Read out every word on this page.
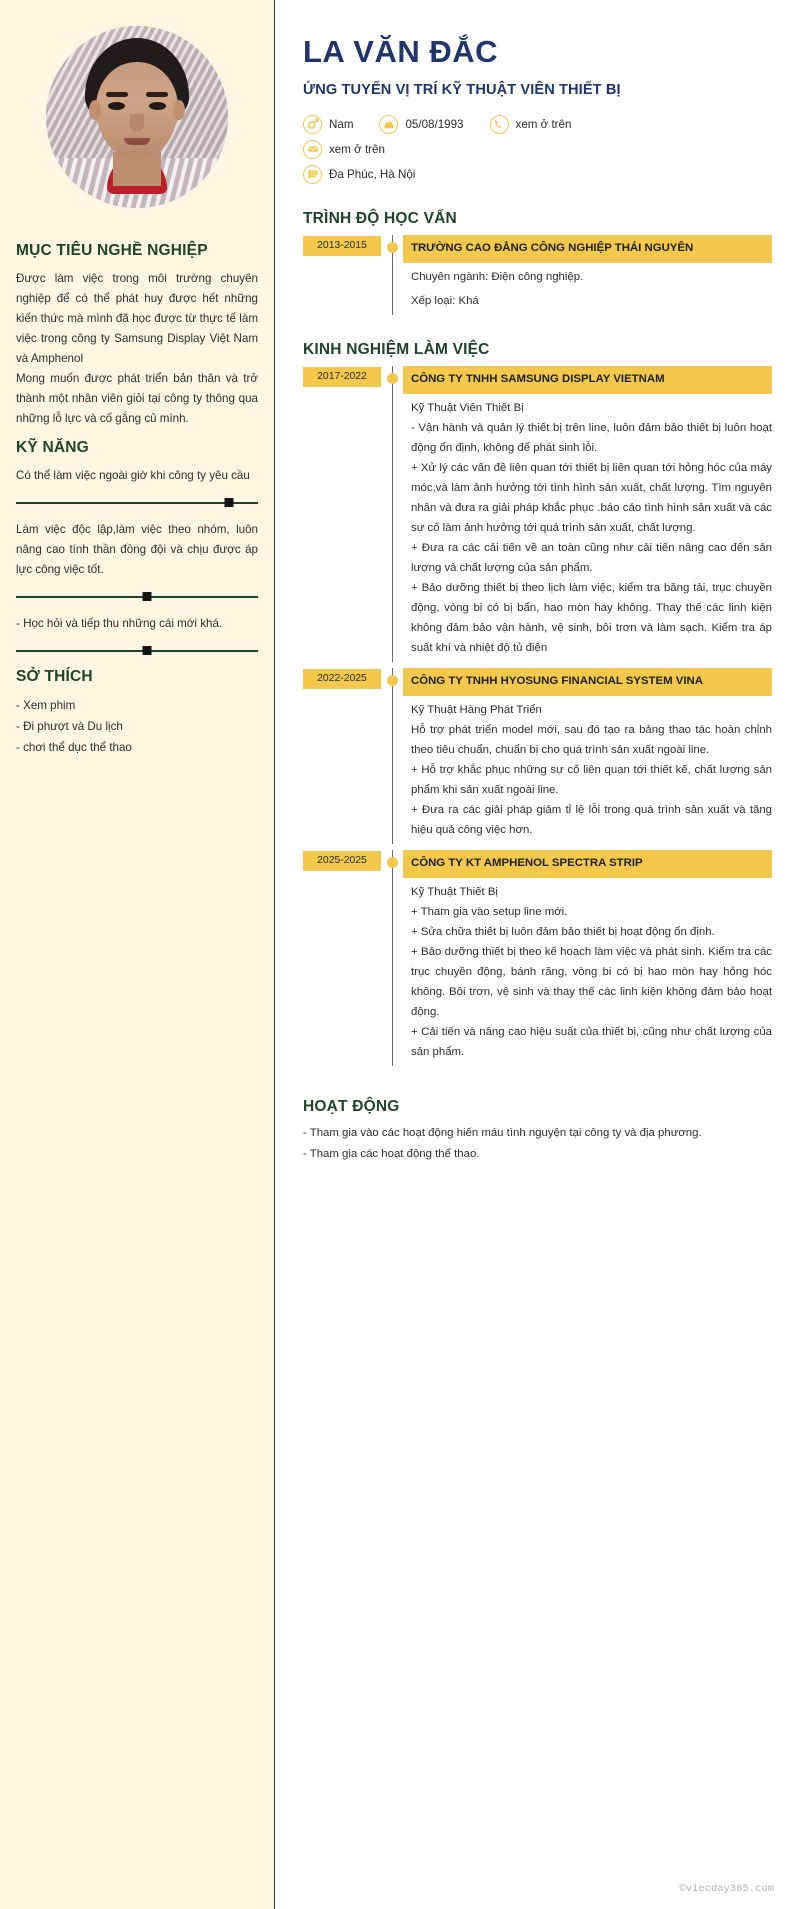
MỤC TIÊU NGHỀ NGHIỆP
Được làm việc trong môi trường chuyên nghiệp để có thể phát huy được hết những kiến thức mà mình đã học được từ thực tế làm việc trong công ty Samsung Display Việt Nam và Amphenol
Mong muốn được phát triển bản thân và trở thành một nhân viên giỏi tại công ty thông qua những lỗ lực và cố gắng củ mình.
KỸ NĂNG
Có thể làm việc ngoài giờ khi công ty yêu cầu
Làm việc độc lập,làm việc theo nhóm, luôn nâng cao tính thần đồng đội và chịu được áp lực công việc tốt.
- Học hỏi và tiếp thu những cái mới khá.
SỞ THÍCH
- Xem phim
- Đi phượt và Du lịch
- chơi thể dục thể thao
LA VĂN ĐẮC
ỨNG TUYỂN VỊ TRÍ KỸ THUẬT VIÊN THIẾT BỊ
Nam	05/08/1993	xem ở trên
xem ở trên
Đa Phúc, Hà Nội
TRÌNH ĐỘ HỌC VẤN
2013-2015	TRƯỜNG CAO ĐẲNG CÔNG NGHIỆP THÁI NGUYÊN
Chuyên ngành: Điện công nghiệp.
Xếp loại: Khá
KINH NGHIỆM LÀM VIỆC
2017-2022	CÔNG TY TNHH SAMSUNG DISPLAY VIETNAM
Kỹ Thuật Viên Thiết Bị
- Vận hành và quản lý thiết bị trên line, luôn đảm bảo thiết bị luôn hoạt động ổn định, không để phát sinh lỗi.
+ Xử lý các vấn đề liên quan tới thiết bị liên quan tới hỏng hóc của máy móc,và làm ảnh hưởng tới tình hình sản xuất, chất lượng. Tìm nguyên nhân và đưa ra giải pháp khắc phục .báo cáo tình hình sản xuất và các sự cố làm ảnh hưởng tới quá trình sản xuất, chất lượng.
+ Đưa ra các cải tiến về an toàn cũng như cải tiến nâng cao đến sản lượng và chất lượng của sản phẩm.
+ Bảo dưỡng thiết bị theo lịch làm việc, kiểm tra băng tải, trục chuyền động, vòng bi có bị bẩn, hao mòn hay không. Thay thế các linh kiện không đảm bảo vận hành, vệ sinh, bôi trơn và làm sạch. Kiểm tra áp suất khí và nhiệt độ tủ điện
2022-2025	CÔNG TY TNHH HYOSUNG FINANCIAL SYSTEM VINA
Kỹ Thuật Hàng Phát Triển
Hỗ trợ phát triển model mới, sau đó tạo ra bảng thao tác hoàn chỉnh theo tiêu chuẩn, chuẩn bị cho quá trình sản xuất ngoài line.
+ Hỗ trợ khắc phục những sự cố liên quan tới thiết kế, chất lượng sản phẩm khi sản xuất ngoài line.
+ Đưa ra các giải pháp giảm tỉ lệ lỗi trong quá trình sản xuất và tăng hiệu quả công việc hơn.
2025-2025	CÔNG TY KT AMPHENOL SPECTRA STRIP
Kỹ Thuật Thiết Bị
+ Tham gia vào setup line mới.
+ Sửa chữa thiết bị luôn đảm bảo thiết bị hoạt động ổn định.
+ Bảo dưỡng thiết bị theo kế hoạch làm việc và phát sinh. Kiểm tra các trục chuyền động, bánh răng, vòng bi có bị hao mòn hay hỏng hóc không. Bôi trơn, vệ sinh và thay thế các linh kiện không đảm bảo hoạt động.
+ Cải tiến và nâng cao hiệu suất của thiết bị, cũng như chất lượng của sản phẩm.
HOẠT ĐỘNG
- Tham gia vào các hoạt động hiến máu tình nguyện tại công ty và địa phương.
- Tham gia các hoạt động thể thao.
©viecday365.com
